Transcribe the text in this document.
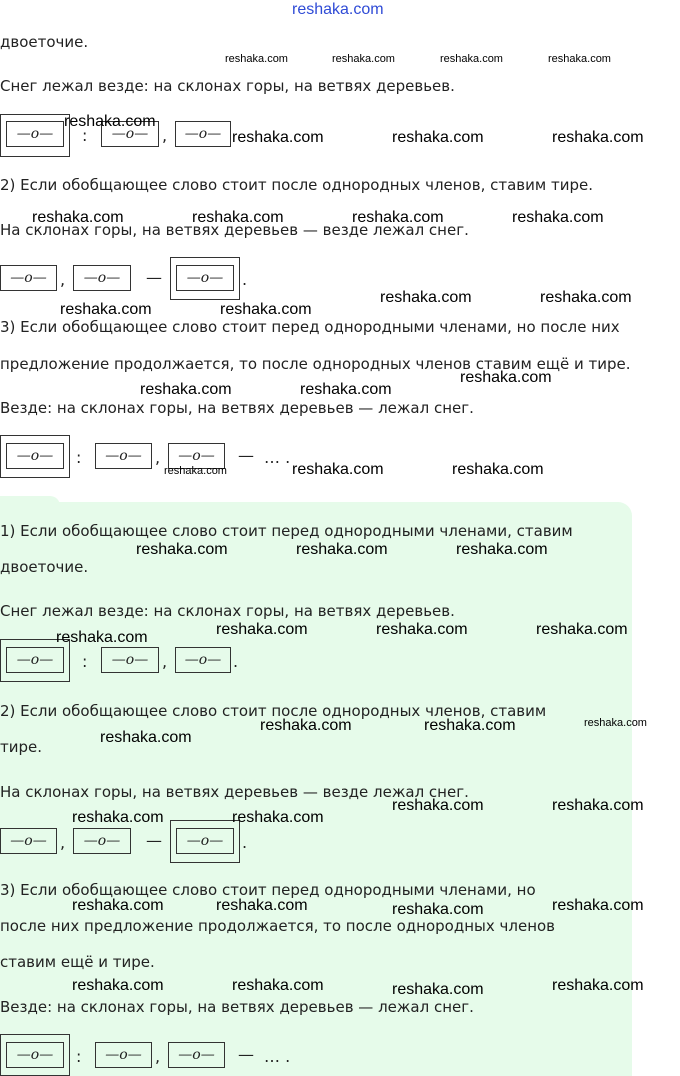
reshaka.com
двоеточие.
Снег лежал везде: на склонах горы, на ветвях деревьев.
—o—	:	—o— ,	—o—
2) Если обобщающее слово стоит после однородных членов, ставим тире.
На склонах горы, на ветвях деревьев — везде лежал снег.
—o— ,	—o—	—	—o—	.
3) Если обобщающее слово стоит перед однородными членами, но после них
предложение продолжается, то после однородных членов ставим ещё и тире.
Везде: на склонах горы, на ветвях деревьев — лежал снег.
—o—	:	—o— ,	—o—	— … .
1) Если обобщающее слово стоит перед однородными членами, ставим
двоеточие.
Снег лежал везде: на склонах горы, на ветвях деревьев.
—o—	:	—o— ,	—o— .
2) Если обобщающее слово стоит после однородных членов, ставим
тире.
На склонах горы, на ветвях деревьев — везде лежал снег.
—o— ,	—o—	—	—o—	.
3) Если обобщающее слово стоит перед однородными членами, но
после них предложение продолжается, то после однородных членов
ставим ещё и тире.
Везде: на склонах горы, на ветвях деревьев — лежал снег.
—o—	:	—o— ,	—o—	— … .
reshaka.com	reshaka.com	reshaka.com	reshaka.com
reshaka.com
reshaka.com	reshaka.com	reshaka.com
reshaka.com	reshaka.com	reshaka.com	reshaka.com
reshaka.com	reshaka.com
reshaka.com	reshaka.com
reshaka.com
reshaka.com	reshaka.com
reshaka.com	reshaka.com	reshaka.com
reshaka.com	reshaka.com	reshaka.com
reshaka.com	reshaka.com	reshaka.com
reshaka.com
reshaka.com
reshaka.com	reshaka.com
reshaka.com
reshaka.com	reshaka.com
reshaka.com	reshaka.com
reshaka.com	reshaka.com	reshaka.com	reshaka.com
reshaka.com	reshaka.com	reshaka.com	reshaka.com
